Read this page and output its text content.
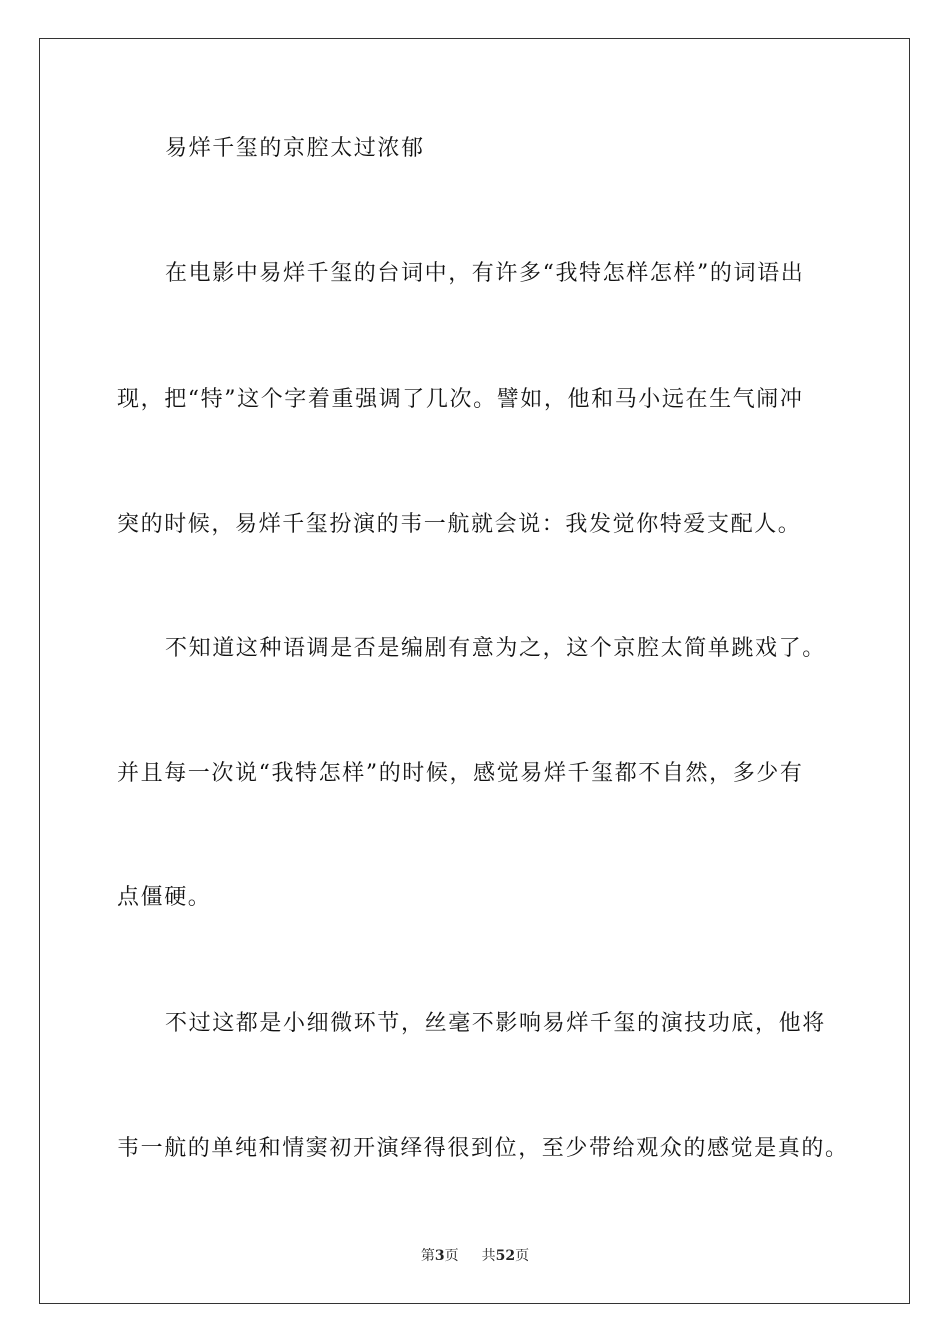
易烊千玺的京腔太过浓郁
在电影中易烊千玺的台词中，有许多“我特怎样怎样”的词语出
现，把“特”这个字着重强调了几次。譬如，他和马小远在生气闹冲
突的时候，易烊千玺扮演的韦一航就会说：我发觉你特爱支配人。
不知道这种语调是否是编剧有意为之，这个京腔太简单跳戏了。
并且每一次说“我特怎样”的时候，感觉易烊千玺都不自然，多少有
点僵硬。
不过这都是小细微环节，丝毫不影响易烊千玺的演技功底，他将
韦一航的单纯和情窦初开演绎得很到位，至少带给观众的感觉是真的。
第3页 共52页
